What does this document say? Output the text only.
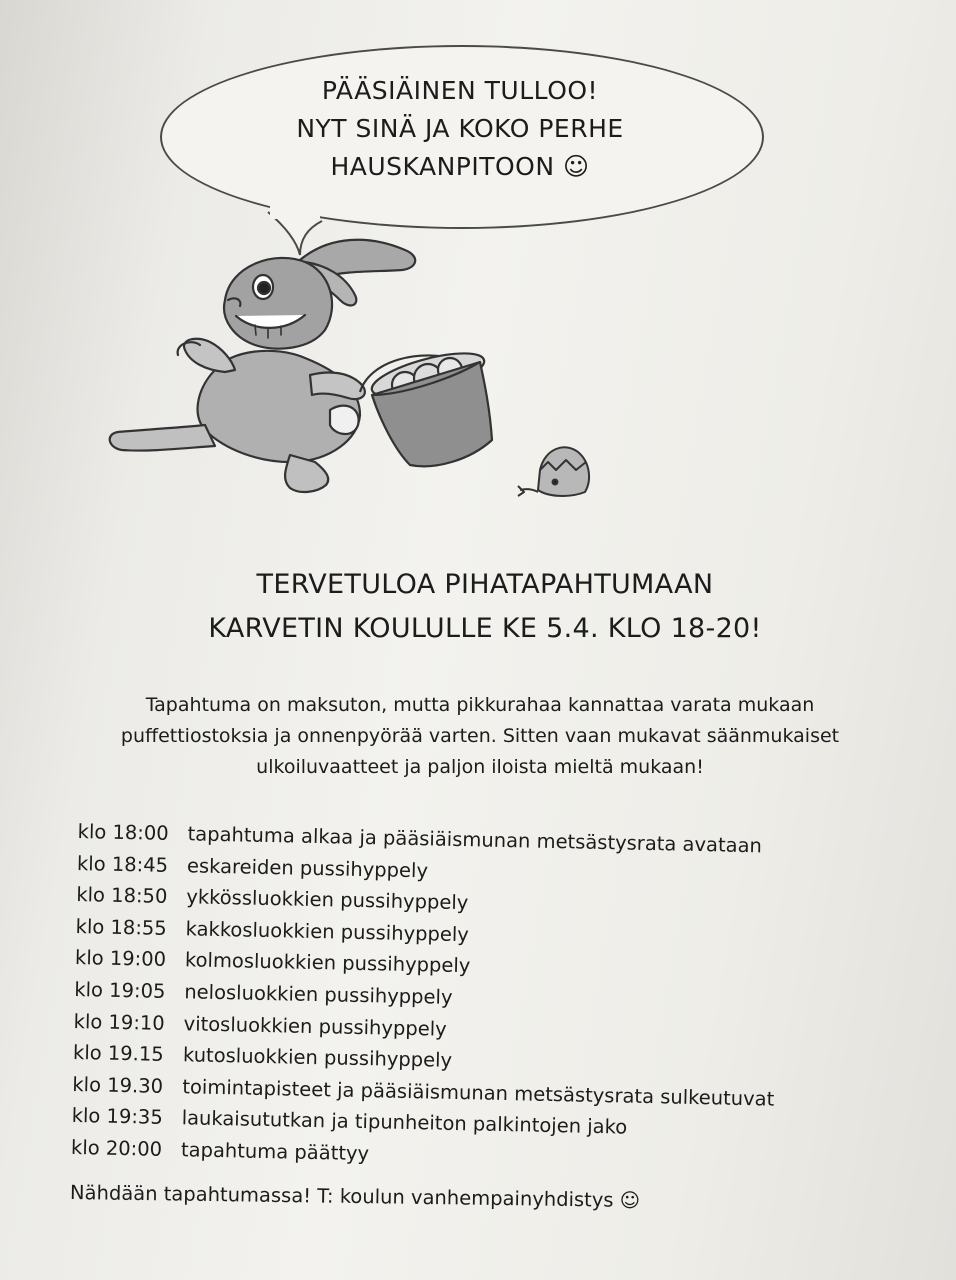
PÄÄSIÄINEN TULLOO!
NYT SINÄ JA KOKO PERHE
HAUSKANPITOON ☺
TERVETULOA PIHATAPAHTUMAAN
KARVETIN KOULULLE KE 5.4. KLO 18-20!
Tapahtuma on maksuton, mutta pikkurahaa kannattaa varata mukaan
puffettiostoksia ja onnenpyörää varten. Sitten vaan mukavat säänmukaiset
ulkoiluvaatteet ja paljon iloista mieltä mukaan!
klo 18:00 tapahtuma alkaa ja pääsiäismunan metsästysrata avataan
klo 18:45 eskareiden pussihyppely
klo 18:50 ykkössluokkien pussihyppely
klo 18:55 kakkosluokkien pussihyppely
klo 19:00 kolmosluokkien pussihyppely
klo 19:05 nelosluokkien pussihyppely
klo 19:10 vitosluokkien pussihyppely
klo 19.15 kutosluokkien pussihyppely
klo 19.30 toimintapisteet ja pääsiäismunan metsästysrata sulkeutuvat
klo 19:35 laukaisututkan ja tipunheiton palkintojen jako
klo 20:00 tapahtuma päättyy
Nähdään tapahtumassa! T: koulun vanhempainyhdistys ☺
